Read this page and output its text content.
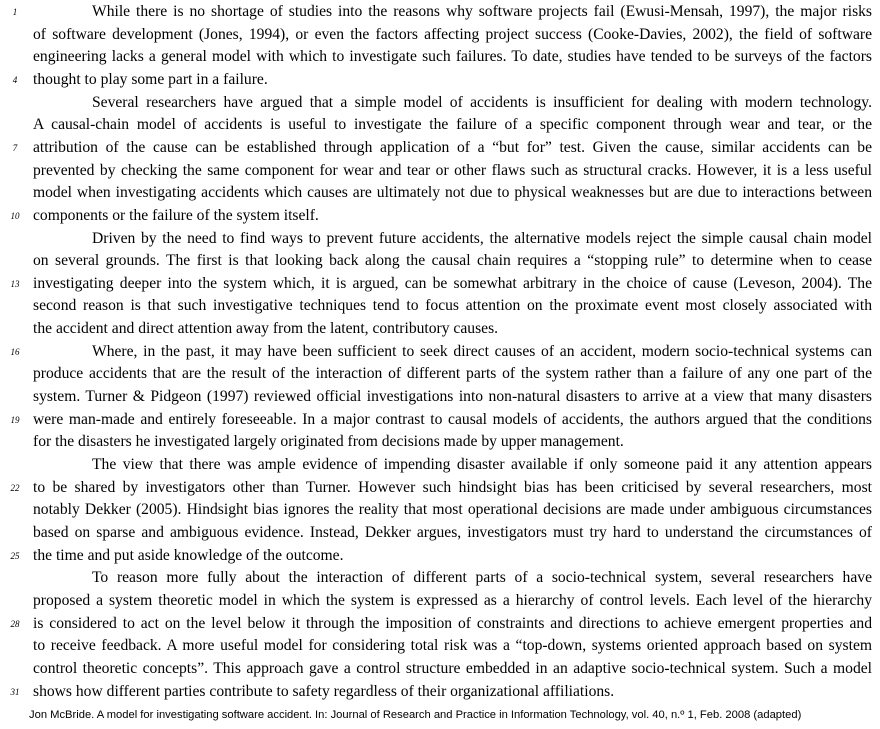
While there is no shortage of studies into the reasons why software projects fail (Ewusi-Mensah, 1997), the major risks
of software development (Jones, 1994), or even the factors affecting project success (Cooke-Davies, 2002), the field of software
engineering lacks a general model with which to investigate such failures. To date, studies have tended to be surveys of the factors
thought to play some part in a failure.
Several researchers have argued that a simple model of accidents is insufficient for dealing with modern technology.
A causal-chain model of accidents is useful to investigate the failure of a specific component through wear and tear, or the
attribution of the cause can be established through application of a “but for” test. Given the cause, similar accidents can be
prevented by checking the same component for wear and tear or other flaws such as structural cracks. However, it is a less useful
model when investigating accidents which causes are ultimately not due to physical weaknesses but are due to interactions between
components or the failure of the system itself.
Driven by the need to find ways to prevent future accidents, the alternative models reject the simple causal chain model
on several grounds. The first is that looking back along the causal chain requires a “stopping rule” to determine when to cease
investigating deeper into the system which, it is argued, can be somewhat arbitrary in the choice of cause (Leveson, 2004). The
second reason is that such investigative techniques tend to focus attention on the proximate event most closely associated with
the accident and direct attention away from the latent, contributory causes.
Where, in the past, it may have been sufficient to seek direct causes of an accident, modern socio-technical systems can
produce accidents that are the result of the interaction of different parts of the system rather than a failure of any one part of the
system. Turner & Pidgeon (1997) reviewed official investigations into non-natural disasters to arrive at a view that many disasters
were man-made and entirely foreseeable. In a major contrast to causal models of accidents, the authors argued that the conditions
for the disasters he investigated largely originated from decisions made by upper management.
The view that there was ample evidence of impending disaster available if only someone paid it any attention appears
to be shared by investigators other than Turner. However such hindsight bias has been criticised by several researchers, most
notably Dekker (2005). Hindsight bias ignores the reality that most operational decisions are made under ambiguous circumstances
based on sparse and ambiguous evidence. Instead, Dekker argues, investigators must try hard to understand the circumstances of
the time and put aside knowledge of the outcome.
To reason more fully about the interaction of different parts of a socio-technical system, several researchers have
proposed a system theoretic model in which the system is expressed as a hierarchy of control levels. Each level of the hierarchy
is considered to act on the level below it through the imposition of constraints and directions to achieve emergent properties and
to receive feedback. A more useful model for considering total risk was a “top-down, systems oriented approach based on system
control theoretic concepts”. This approach gave a control structure embedded in an adaptive socio-technical system. Such a model
shows how different parties contribute to safety regardless of their organizational affiliations.
1
4
7
10
13
16
19
22
25
28
31
Jon McBride. A model for investigating software accident. In: Journal of Research and Practice in Information Technology, vol. 40, n.º 1, Feb. 2008 (adapted)
